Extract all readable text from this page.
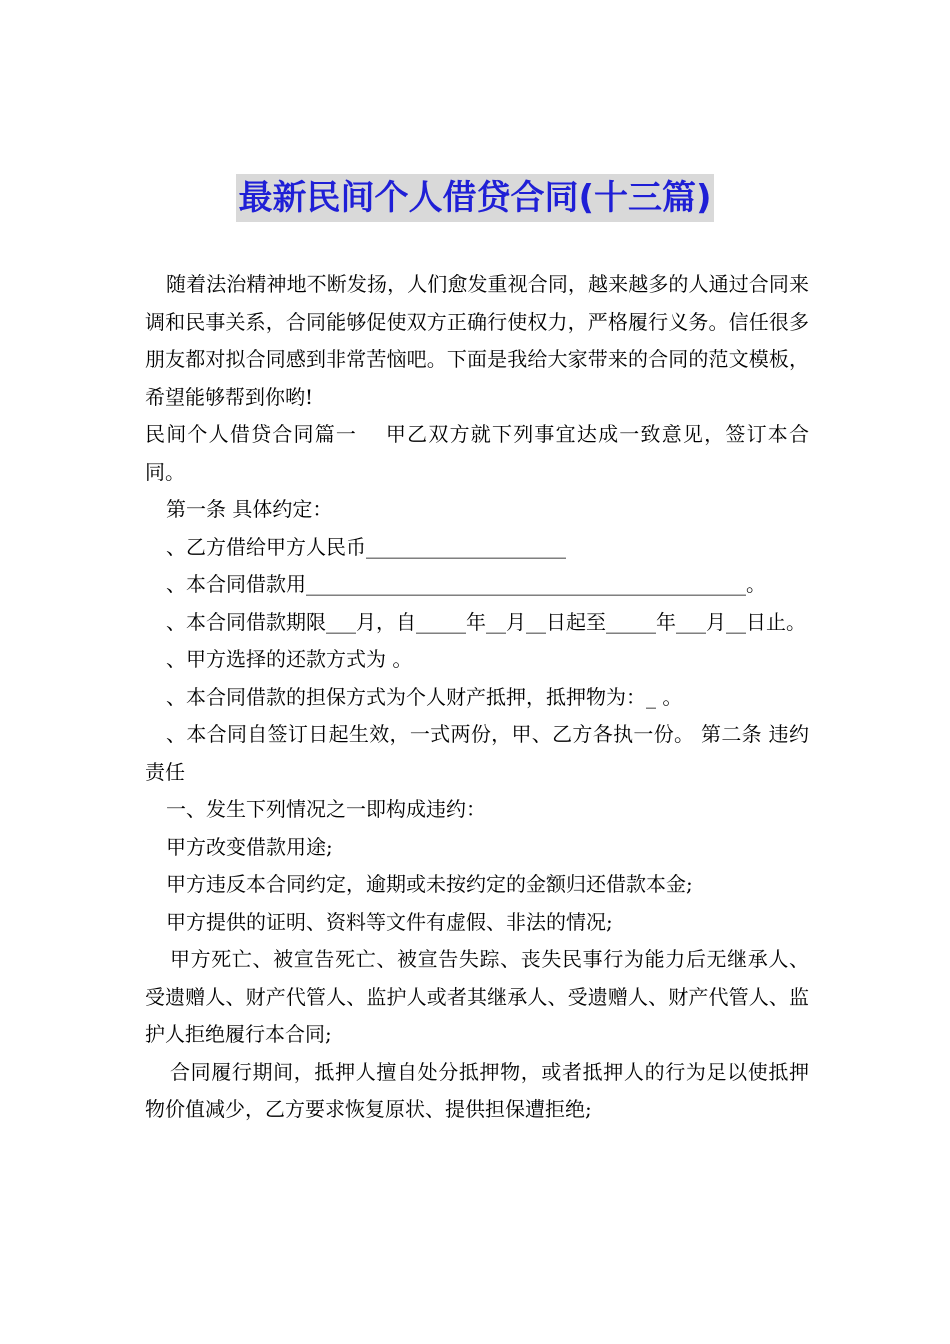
最新民间个人借贷合同(十三篇)

随着法治精神地不断发扬，人们愈发重视合同，越来越多的人通过合同来调和民事关系，合同能够促使双方正确行使权力，严格履行义务。信任很多朋友都对拟合同感到非常苦恼吧。下面是我给大家带来的合同的范文模板，希望能够帮到你哟!

民间个人借贷合同篇一　 甲乙双方就下列事宜达成一致意见，签订本合同。

第一条 具体约定：

、乙方借给甲方人民币____________________

、本合同借款用____________________________________________。

、本合同借款期限___月，自_____年__月__日起至_____年___月__日止。

、甲方选择的还款方式为 。

、本合同借款的担保方式为个人财产抵押，抵押物为：_ 。

、本合同自签订日起生效，一式两份，甲、乙方各执一份。 第二条 违约责任

一、发生下列情况之一即构成违约：

甲方改变借款用途;

甲方违反本合同约定，逾期或未按约定的金额归还借款本金;

甲方提供的证明、资料等文件有虚假、非法的情况;

甲方死亡、被宣告死亡、被宣告失踪、丧失民事行为能力后无继承人、受遗赠人、财产代管人、监护人或者其继承人、受遗赠人、财产代管人、监护人拒绝履行本合同;

合同履行期间，抵押人擅自处分抵押物，或者抵押人的行为足以使抵押物价值减少，乙方要求恢复原状、提供担保遭拒绝;
